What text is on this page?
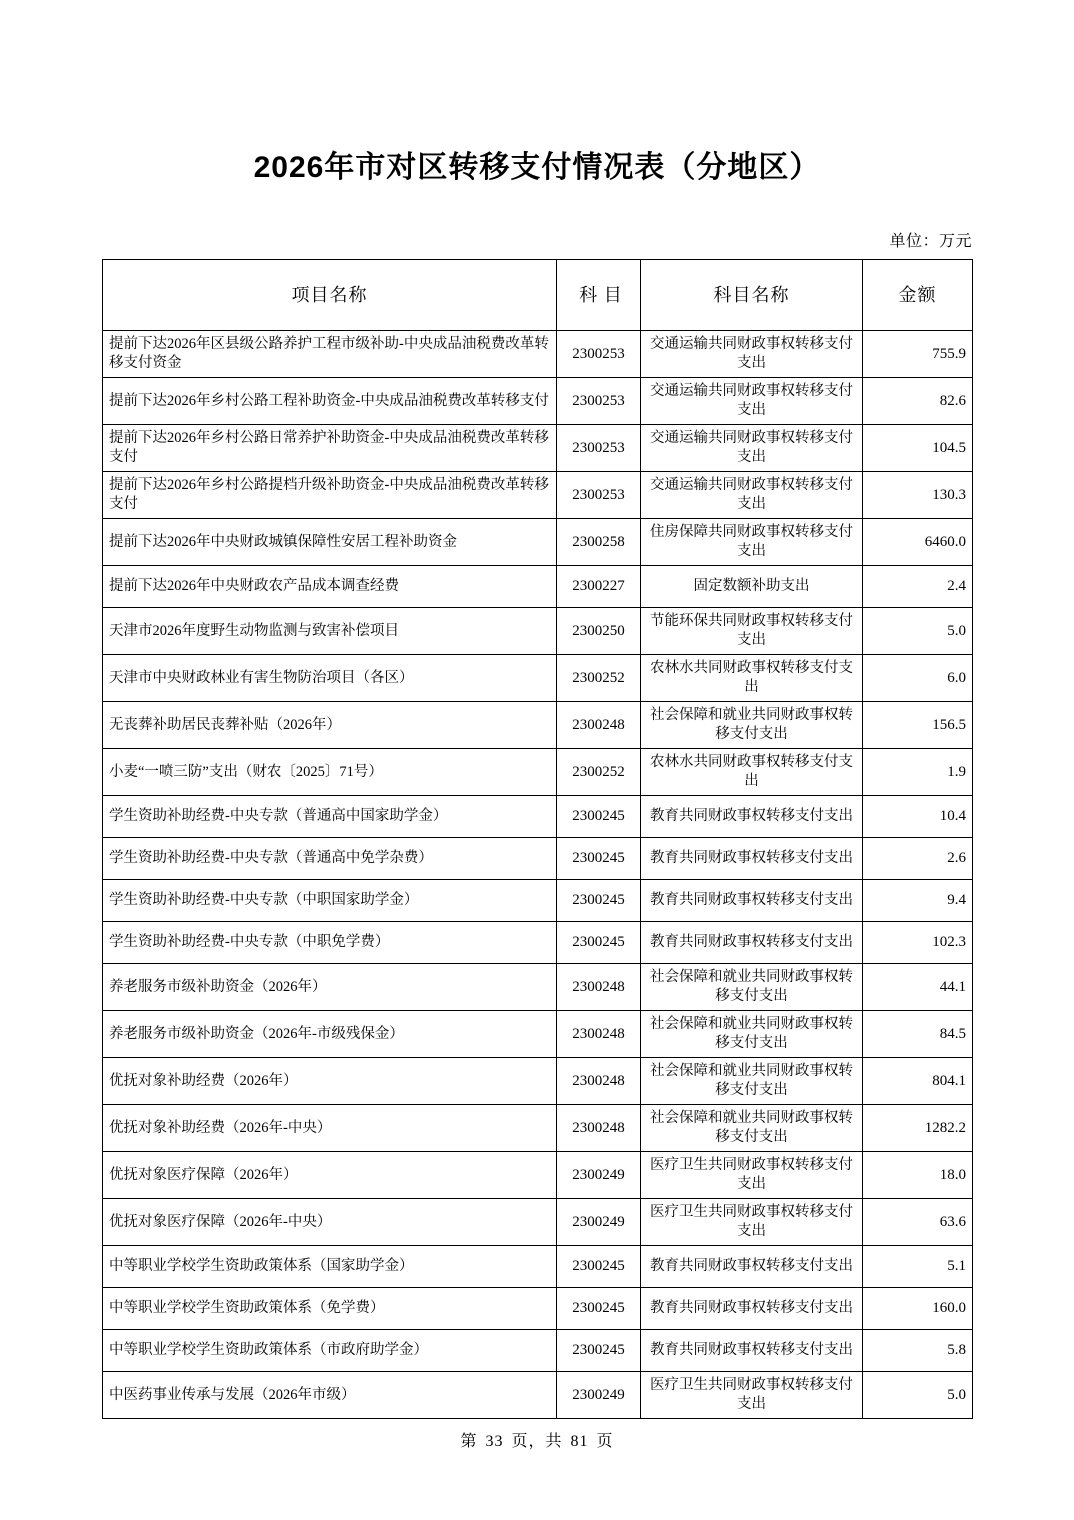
2026年市对区转移支付情况表（分地区）
单位：万元
项目名称	科 目	科目名称	金额
提前下达2026年区县级公路养护工程市级补助-中央成品油税费改革转移支付资金	2300253	交通运输共同财政事权转移支付支出	755.9
提前下达2026年乡村公路工程补助资金-中央成品油税费改革转移支付	2300253	交通运输共同财政事权转移支付支出	82.6
提前下达2026年乡村公路日常养护补助资金-中央成品油税费改革转移支付	2300253	交通运输共同财政事权转移支付支出	104.5
提前下达2026年乡村公路提档升级补助资金-中央成品油税费改革转移支付	2300253	交通运输共同财政事权转移支付支出	130.3
提前下达2026年中央财政城镇保障性安居工程补助资金	2300258	住房保障共同财政事权转移支付支出	6460.0
提前下达2026年中央财政农产品成本调查经费	2300227	固定数额补助支出	2.4
天津市2026年度野生动物监测与致害补偿项目	2300250	节能环保共同财政事权转移支付支出	5.0
天津市中央财政林业有害生物防治项目（各区）	2300252	农林水共同财政事权转移支付支出	6.0
无丧葬补助居民丧葬补贴（2026年）	2300248	社会保障和就业共同财政事权转移支付支出	156.5
小麦“一喷三防”支出（财农〔2025〕71号）	2300252	农林水共同财政事权转移支付支出	1.9
学生资助补助经费-中央专款（普通高中国家助学金）	2300245	教育共同财政事权转移支付支出	10.4
学生资助补助经费-中央专款（普通高中免学杂费）	2300245	教育共同财政事权转移支付支出	2.6
学生资助补助经费-中央专款（中职国家助学金）	2300245	教育共同财政事权转移支付支出	9.4
学生资助补助经费-中央专款（中职免学费）	2300245	教育共同财政事权转移支付支出	102.3
养老服务市级补助资金（2026年）	2300248	社会保障和就业共同财政事权转移支付支出	44.1
养老服务市级补助资金（2026年-市级残保金）	2300248	社会保障和就业共同财政事权转移支付支出	84.5
优抚对象补助经费（2026年）	2300248	社会保障和就业共同财政事权转移支付支出	804.1
优抚对象补助经费（2026年-中央）	2300248	社会保障和就业共同财政事权转移支付支出	1282.2
优抚对象医疗保障（2026年）	2300249	医疗卫生共同财政事权转移支付支出	18.0
优抚对象医疗保障（2026年-中央）	2300249	医疗卫生共同财政事权转移支付支出	63.6
中等职业学校学生资助政策体系（国家助学金）	2300245	教育共同财政事权转移支付支出	5.1
中等职业学校学生资助政策体系（免学费）	2300245	教育共同财政事权转移支付支出	160.0
中等职业学校学生资助政策体系（市政府助学金）	2300245	教育共同财政事权转移支付支出	5.8
中医药事业传承与发展（2026年市级）	2300249	医疗卫生共同财政事权转移支付支出	5.0
第 33 页，共 81 页
